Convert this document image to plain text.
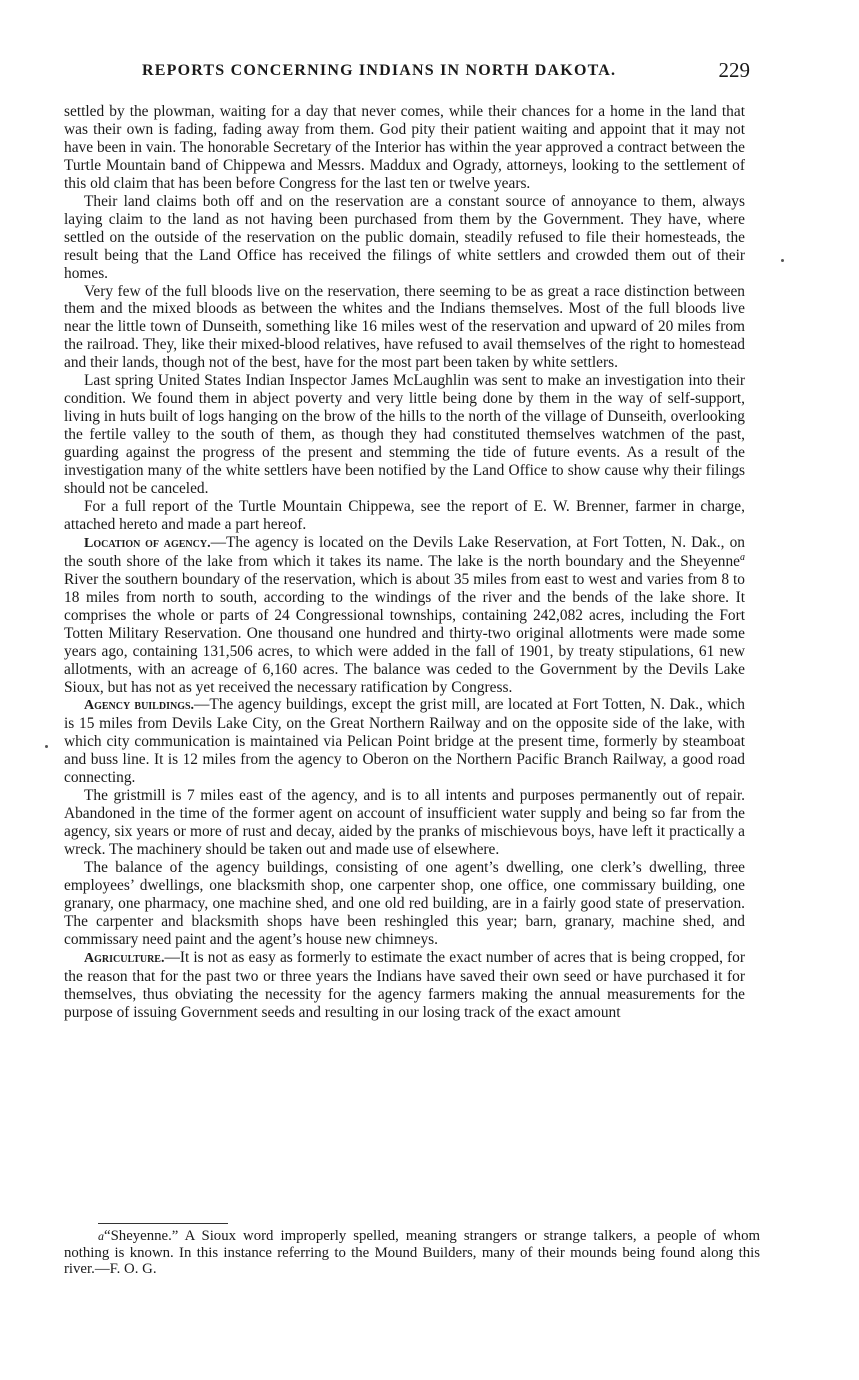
REPORTS CONCERNING INDIANS IN NORTH DAKOTA.	229

settled by the plowman, waiting for a day that never comes, while their chances for a home in the land that was their own is fading, fading away from them. God pity their patient waiting and appoint that it may not have been in vain. The honorable Secretary of the Interior has within the year approved a contract between the Turtle Mountain band of Chippewa and Messrs. Maddux and Ogrady, attorneys, looking to the settlement of this old claim that has been before Congress for the last ten or twelve years.

Their land claims both off and on the reservation are a constant source of annoyance to them, always laying claim to the land as not having been purchased from them by the Government. They have, where settled on the outside of the reservation on the public domain, steadily refused to file their homesteads, the result being that the Land Office has received the filings of white settlers and crowded them out of their homes.

Very few of the full bloods live on the reservation, there seeming to be as great a race distinction between them and the mixed bloods as between the whites and the Indians themselves. Most of the full bloods live near the little town of Dunseith, something like 16 miles west of the reservation and upward of 20 miles from the railroad. They, like their mixed-blood relatives, have refused to avail themselves of the right to homestead and their lands, though not of the best, have for the most part been taken by white settlers.

Last spring United States Indian Inspector James McLaughlin was sent to make an investigation into their condition. We found them in abject poverty and very little being done by them in the way of self-support, living in huts built of logs hanging on the brow of the hills to the north of the village of Dunseith, overlooking the fertile valley to the south of them, as though they had constituted themselves watchmen of the past, guarding against the progress of the present and stemming the tide of future events. As a result of the investigation many of the white settlers have been notified by the Land Office to show cause why their filings should not be canceled.

For a full report of the Turtle Mountain Chippewa, see the report of E. W. Brenner, farmer in charge, attached hereto and made a part hereof.

Location of agency.—The agency is located on the Devils Lake Reservation, at Fort Totten, N. Dak., on the south shore of the lake from which it takes its name. The lake is the north boundary and the Sheyenne$^a$ River the southern boundary of the reservation, which is about 35 miles from east to west and varies from 8 to 18 miles from north to south, according to the windings of the river and the bends of the lake shore. It comprises the whole or parts of 24 Congressional townships, containing 242,082 acres, including the Fort Totten Military Reservation. One thousand one hundred and thirty-two original allotments were made some years ago, containing 131,506 acres, to which were added in the fall of 1901, by treaty stipulations, 61 new allotments, with an acreage of 6,160 acres. The balance was ceded to the Government by the Devils Lake Sioux, but has not as yet received the necessary ratification by Congress.

Agency buildings.—The agency buildings, except the grist mill, are located at Fort Totten, N. Dak., which is 15 miles from Devils Lake City, on the Great Northern Railway and on the opposite side of the lake, with which city communication is maintained via Pelican Point bridge at the present time, formerly by steamboat and buss line. It is 12 miles from the agency to Oberon on the Northern Pacific Branch Railway, a good road connecting.

The gristmill is 7 miles east of the agency, and is to all intents and purposes permanently out of repair. Abandoned in the time of the former agent on account of insufficient water supply and being so far from the agency, six years or more of rust and decay, aided by the pranks of mischievous boys, have left it practically a wreck. The machinery should be taken out and made use of elsewhere.

The balance of the agency buildings, consisting of one agent’s dwelling, one clerk’s dwelling, three employees’ dwellings, one blacksmith shop, one carpenter shop, one office, one commissary building, one granary, one pharmacy, one machine shed, and one old red building, are in a fairly good state of preservation. The carpenter and blacksmith shops have been reshingled this year; barn, granary, machine shed, and commissary need paint and the agent’s house new chimneys.

Agriculture.—It is not as easy as formerly to estimate the exact number of acres that is being cropped, for the reason that for the past two or three years the Indians have saved their own seed or have purchased it for themselves, thus obviating the necessity for the agency farmers making the annual measurements for the purpose of issuing Government seeds and resulting in our losing track of the exact amount

a“Sheyenne.” A Sioux word improperly spelled, meaning strangers or strange talkers, a people of whom nothing is known. In this instance referring to the Mound Builders, many of their mounds being found along this river.—F. O. G.
